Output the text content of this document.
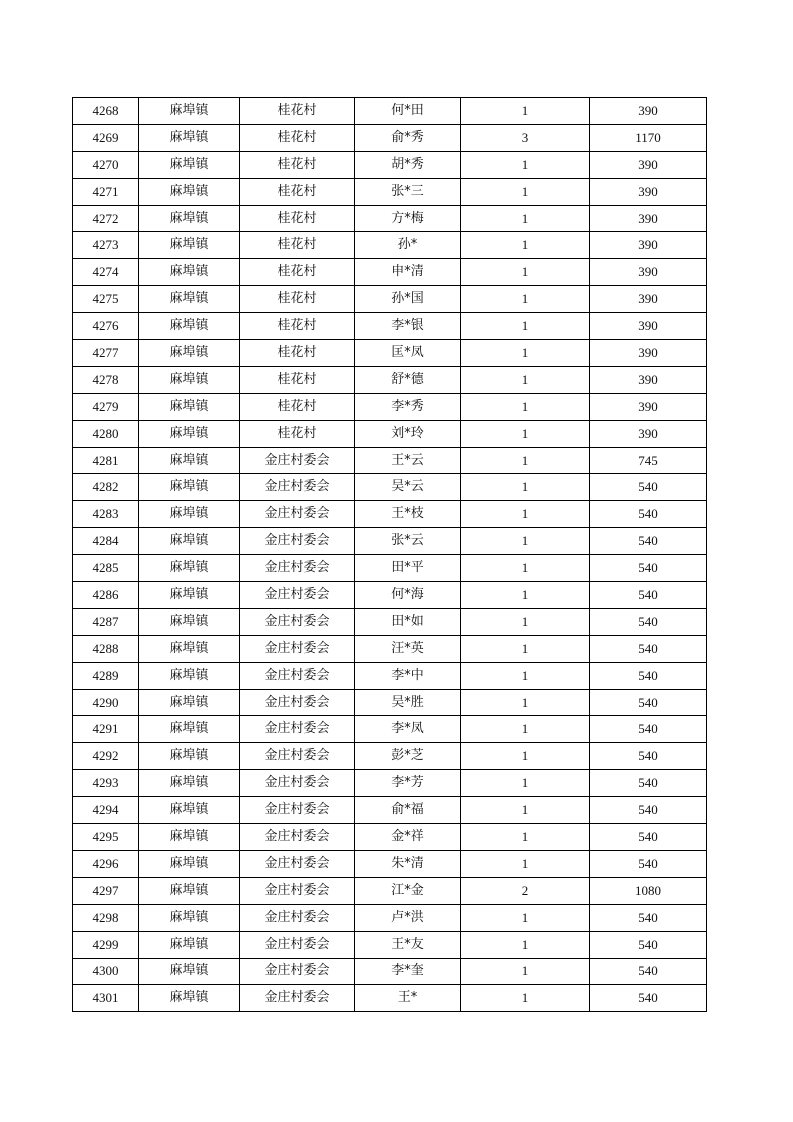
4268	麻埠镇	桂花村	何*田	1	390
4269	麻埠镇	桂花村	俞*秀	3	1170
4270	麻埠镇	桂花村	胡*秀	1	390
4271	麻埠镇	桂花村	张*三	1	390
4272	麻埠镇	桂花村	方*梅	1	390
4273	麻埠镇	桂花村	孙*	1	390
4274	麻埠镇	桂花村	申*清	1	390
4275	麻埠镇	桂花村	孙*国	1	390
4276	麻埠镇	桂花村	李*银	1	390
4277	麻埠镇	桂花村	匡*凤	1	390
4278	麻埠镇	桂花村	舒*德	1	390
4279	麻埠镇	桂花村	李*秀	1	390
4280	麻埠镇	桂花村	刘*玲	1	390
4281	麻埠镇	金庄村委会	王*云	1	745
4282	麻埠镇	金庄村委会	吴*云	1	540
4283	麻埠镇	金庄村委会	王*枝	1	540
4284	麻埠镇	金庄村委会	张*云	1	540
4285	麻埠镇	金庄村委会	田*平	1	540
4286	麻埠镇	金庄村委会	何*海	1	540
4287	麻埠镇	金庄村委会	田*如	1	540
4288	麻埠镇	金庄村委会	汪*英	1	540
4289	麻埠镇	金庄村委会	李*中	1	540
4290	麻埠镇	金庄村委会	吴*胜	1	540
4291	麻埠镇	金庄村委会	李*凤	1	540
4292	麻埠镇	金庄村委会	彭*芝	1	540
4293	麻埠镇	金庄村委会	李*芳	1	540
4294	麻埠镇	金庄村委会	俞*福	1	540
4295	麻埠镇	金庄村委会	金*祥	1	540
4296	麻埠镇	金庄村委会	朱*清	1	540
4297	麻埠镇	金庄村委会	江*金	2	1080
4298	麻埠镇	金庄村委会	卢*洪	1	540
4299	麻埠镇	金庄村委会	王*友	1	540
4300	麻埠镇	金庄村委会	李*奎	1	540
4301	麻埠镇	金庄村委会	王*	1	540
